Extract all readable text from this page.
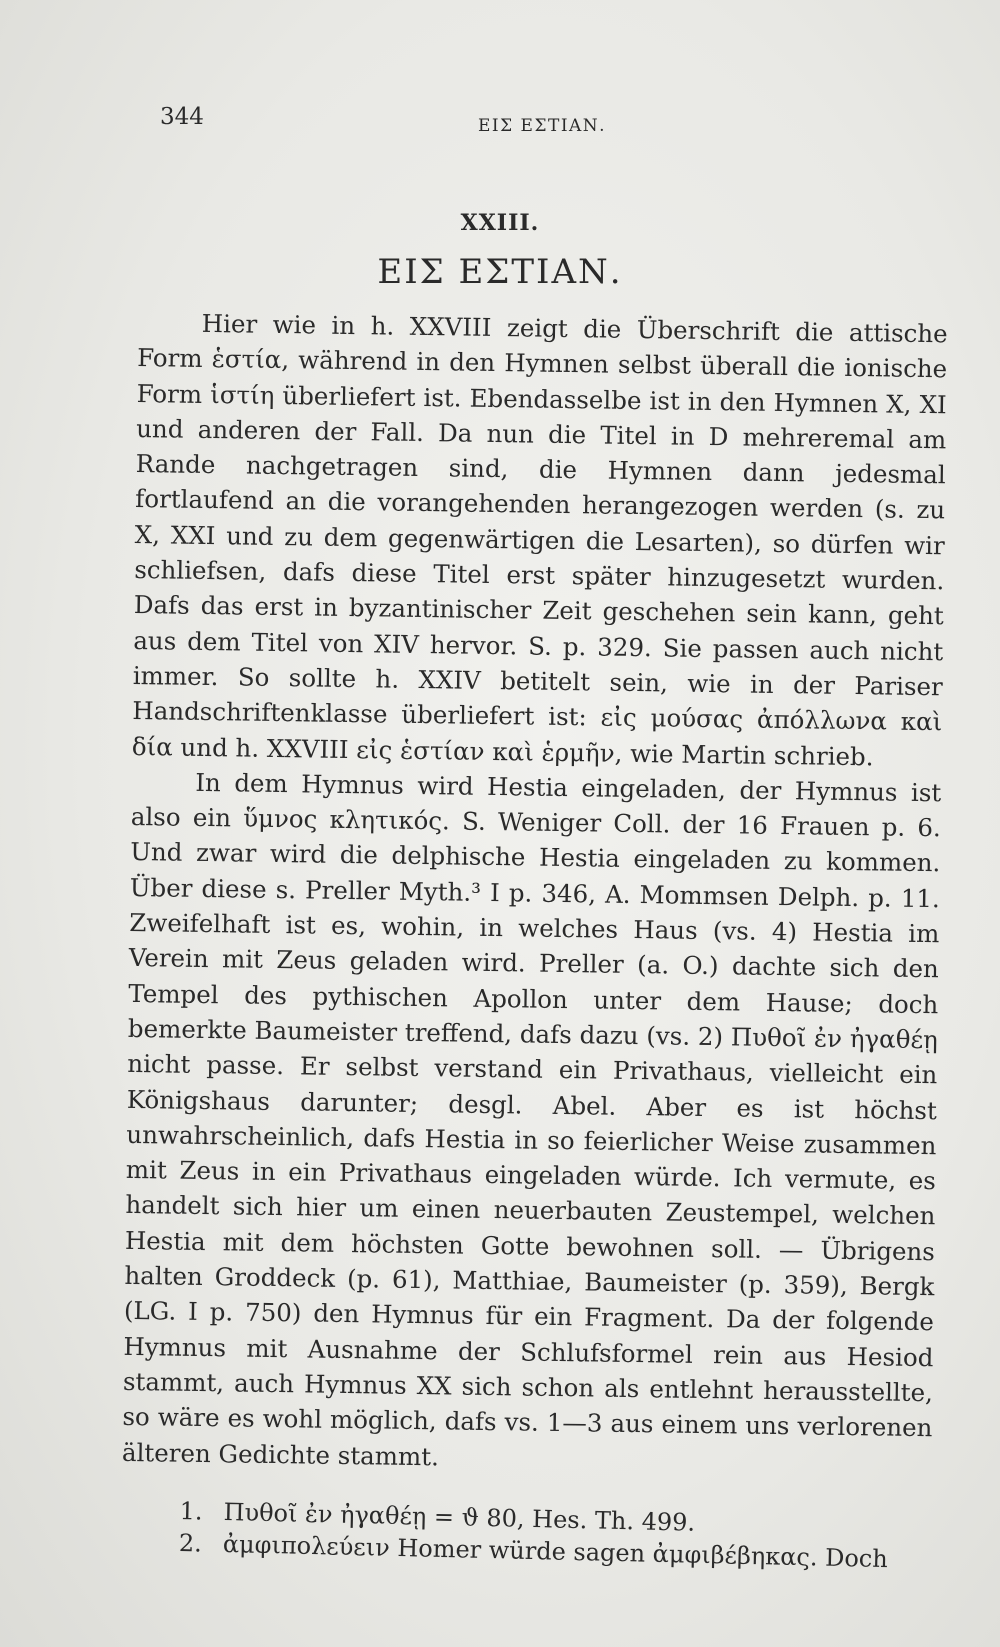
344	ΕΙΣ ΕΣΤΙΑΝ.
XXIII.
ΕΙΣ ΕΣΤΙΑΝ.

Hier wie in h. XXVIII zeigt die Überschrift die attische Form ἑστία, während in den Hymnen selbst überall die ionische Form ἱστίη überliefert ist. Ebendasselbe ist in den Hymnen X, XI und anderen der Fall. Da nun die Titel in D mehreremal am Rande nachgetragen sind, die Hymnen dann jedesmal fortlaufend an die vorangehenden herangezogen werden (s. zu X, XXI und zu dem gegenwärtigen die Lesarten), so dürfen wir schliefsen, dafs diese Titel erst später hinzugesetzt wurden. Dafs das erst in byzantinischer Zeit geschehen sein kann, geht aus dem Titel von XIV hervor. S. p. 329. Sie passen auch nicht immer. So sollte h. XXIV betitelt sein, wie in der Pariser Handschriftenklasse überliefert ist: εἰς μούσας ἀπόλλωνα καὶ δία und h. XXVIII εἰς ἑστίαν καὶ ἑρμῆν, wie Martin schrieb.

In dem Hymnus wird Hestia eingeladen, der Hymnus ist also ein ὕμνος κλητικός. S. Weniger Coll. der 16 Frauen p. 6. Und zwar wird die delphische Hestia eingeladen zu kommen. Über diese s. Preller Myth.³ I p. 346, A. Mommsen Delph. p. 11. Zweifelhaft ist es, wohin, in welches Haus (vs. 4) Hestia im Verein mit Zeus geladen wird. Preller (a. O.) dachte sich den Tempel des pythischen Apollon unter dem Hause; doch bemerkte Baumeister treffend, dafs dazu (vs. 2) Πυθοῖ ἐν ἠγαθέῃ nicht passe. Er selbst verstand ein Privathaus, vielleicht ein Königshaus darunter; desgl. Abel. Aber es ist höchst unwahrscheinlich, dafs Hestia in so feierlicher Weise zusammen mit Zeus in ein Privathaus eingeladen würde. Ich vermute, es handelt sich hier um einen neuerbauten Zeustempel, welchen Hestia mit dem höchsten Gotte bewohnen soll. — Übrigens halten Groddeck (p. 61), Matthiae, Baumeister (p. 359), Bergk (LG. I p. 750) den Hymnus für ein Fragment. Da der folgende Hymnus mit Ausnahme der Schlufsformel rein aus Hesiod stammt, auch Hymnus XX sich schon als entlehnt herausstellte, so wäre es wohl möglich, dafs vs. 1—3 aus einem uns verlorenen älteren Gedichte stammt.

1. Πυθοῖ ἐν ἠγαθέῃ = ϑ 80, Hes. Th. 499.
2. ἀμφιπολεύειν Homer würde sagen ἀμφιβέβηκας. Doch
